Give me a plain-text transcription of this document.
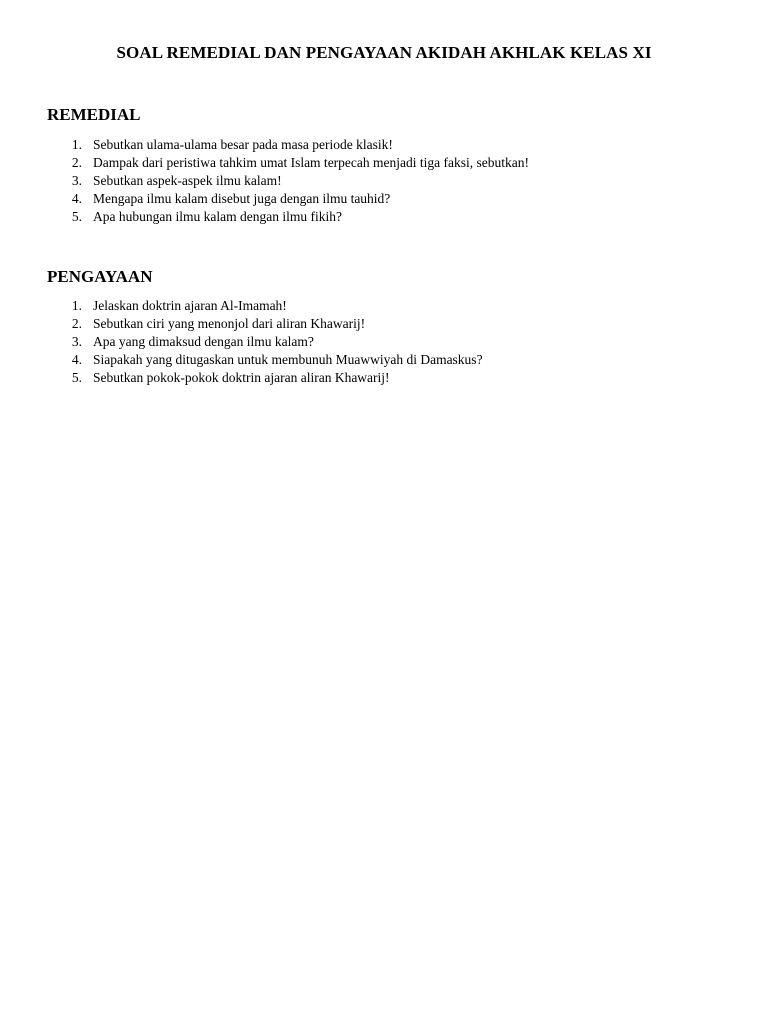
SOAL REMEDIAL DAN PENGAYAAN AKIDAH AKHLAK KELAS XI
REMEDIAL
1. Sebutkan ulama-ulama besar pada masa periode klasik!
2. Dampak dari peristiwa tahkim umat Islam terpecah menjadi tiga faksi, sebutkan!
3. Sebutkan aspek-aspek ilmu kalam!
4. Mengapa ilmu kalam disebut juga dengan ilmu tauhid?
5. Apa hubungan ilmu kalam dengan ilmu fikih?
PENGAYAAN
1. Jelaskan doktrin ajaran Al-Imamah!
2. Sebutkan ciri yang menonjol dari aliran Khawarij!
3. Apa yang dimaksud dengan ilmu kalam?
4. Siapakah yang ditugaskan untuk membunuh Muawwiyah di Damaskus?
5. Sebutkan pokok-pokok doktrin ajaran aliran Khawarij!
